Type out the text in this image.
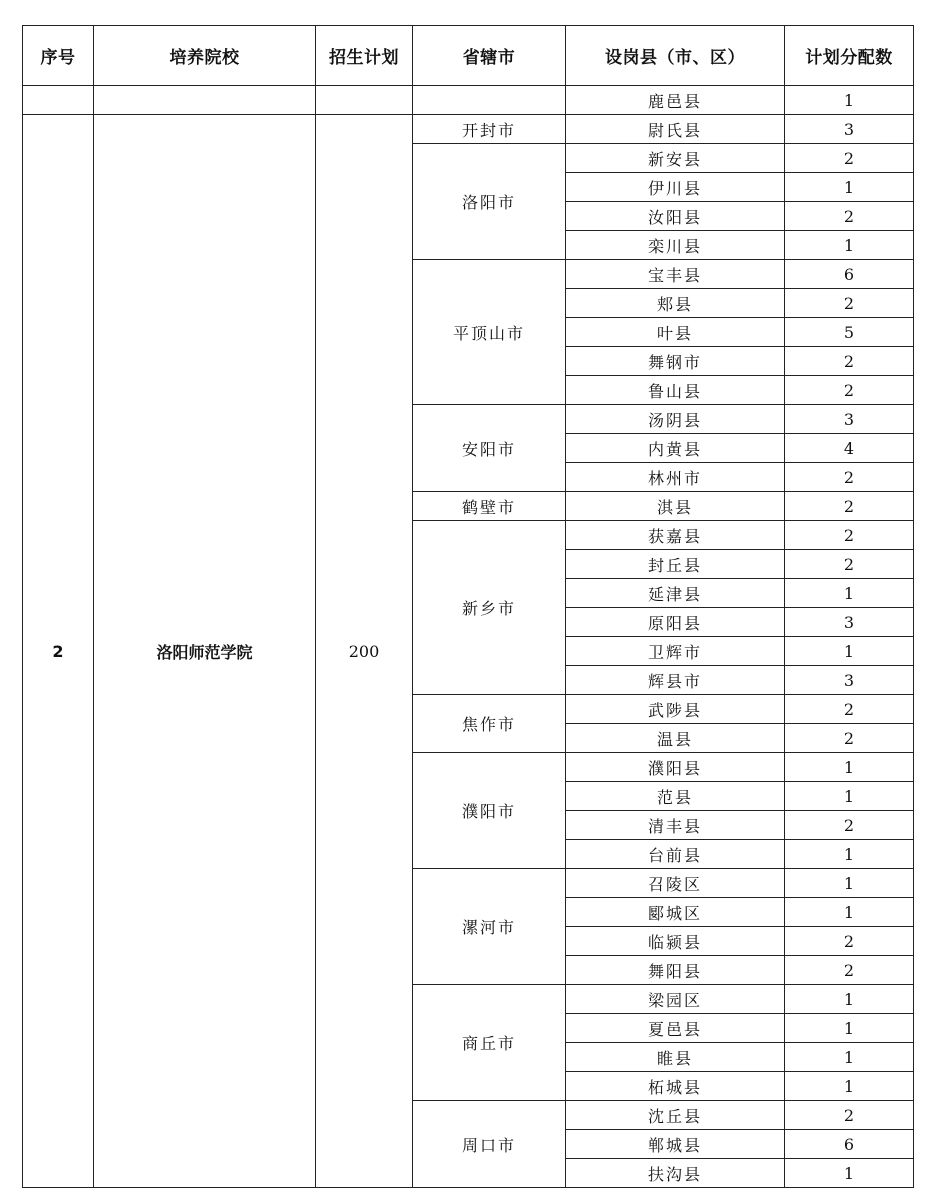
序号	培养院校	招生计划	省辖市	设岗县（市、区）	计划分配数
				鹿邑县	1
2	洛阳师范学院	200	开封市	尉氏县	3
			洛阳市	新安县	2
				伊川县	1
				汝阳县	2
				栾川县	1
			平顶山市	宝丰县	6
				郏县	2
				叶县	5
				舞钢市	2
				鲁山县	2
			安阳市	汤阴县	3
				内黄县	4
				林州市	2
			鹤壁市	淇县	2
			新乡市	获嘉县	2
				封丘县	2
				延津县	1
				原阳县	3
				卫辉市	1
				辉县市	3
			焦作市	武陟县	2
				温县	2
			濮阳市	濮阳县	1
				范县	1
				清丰县	2
				台前县	1
			漯河市	召陵区	1
				郾城区	1
				临颍县	2
				舞阳县	2
			商丘市	梁园区	1
				夏邑县	1
				睢县	1
				柘城县	1
			周口市	沈丘县	2
				郸城县	6
				扶沟县	1
